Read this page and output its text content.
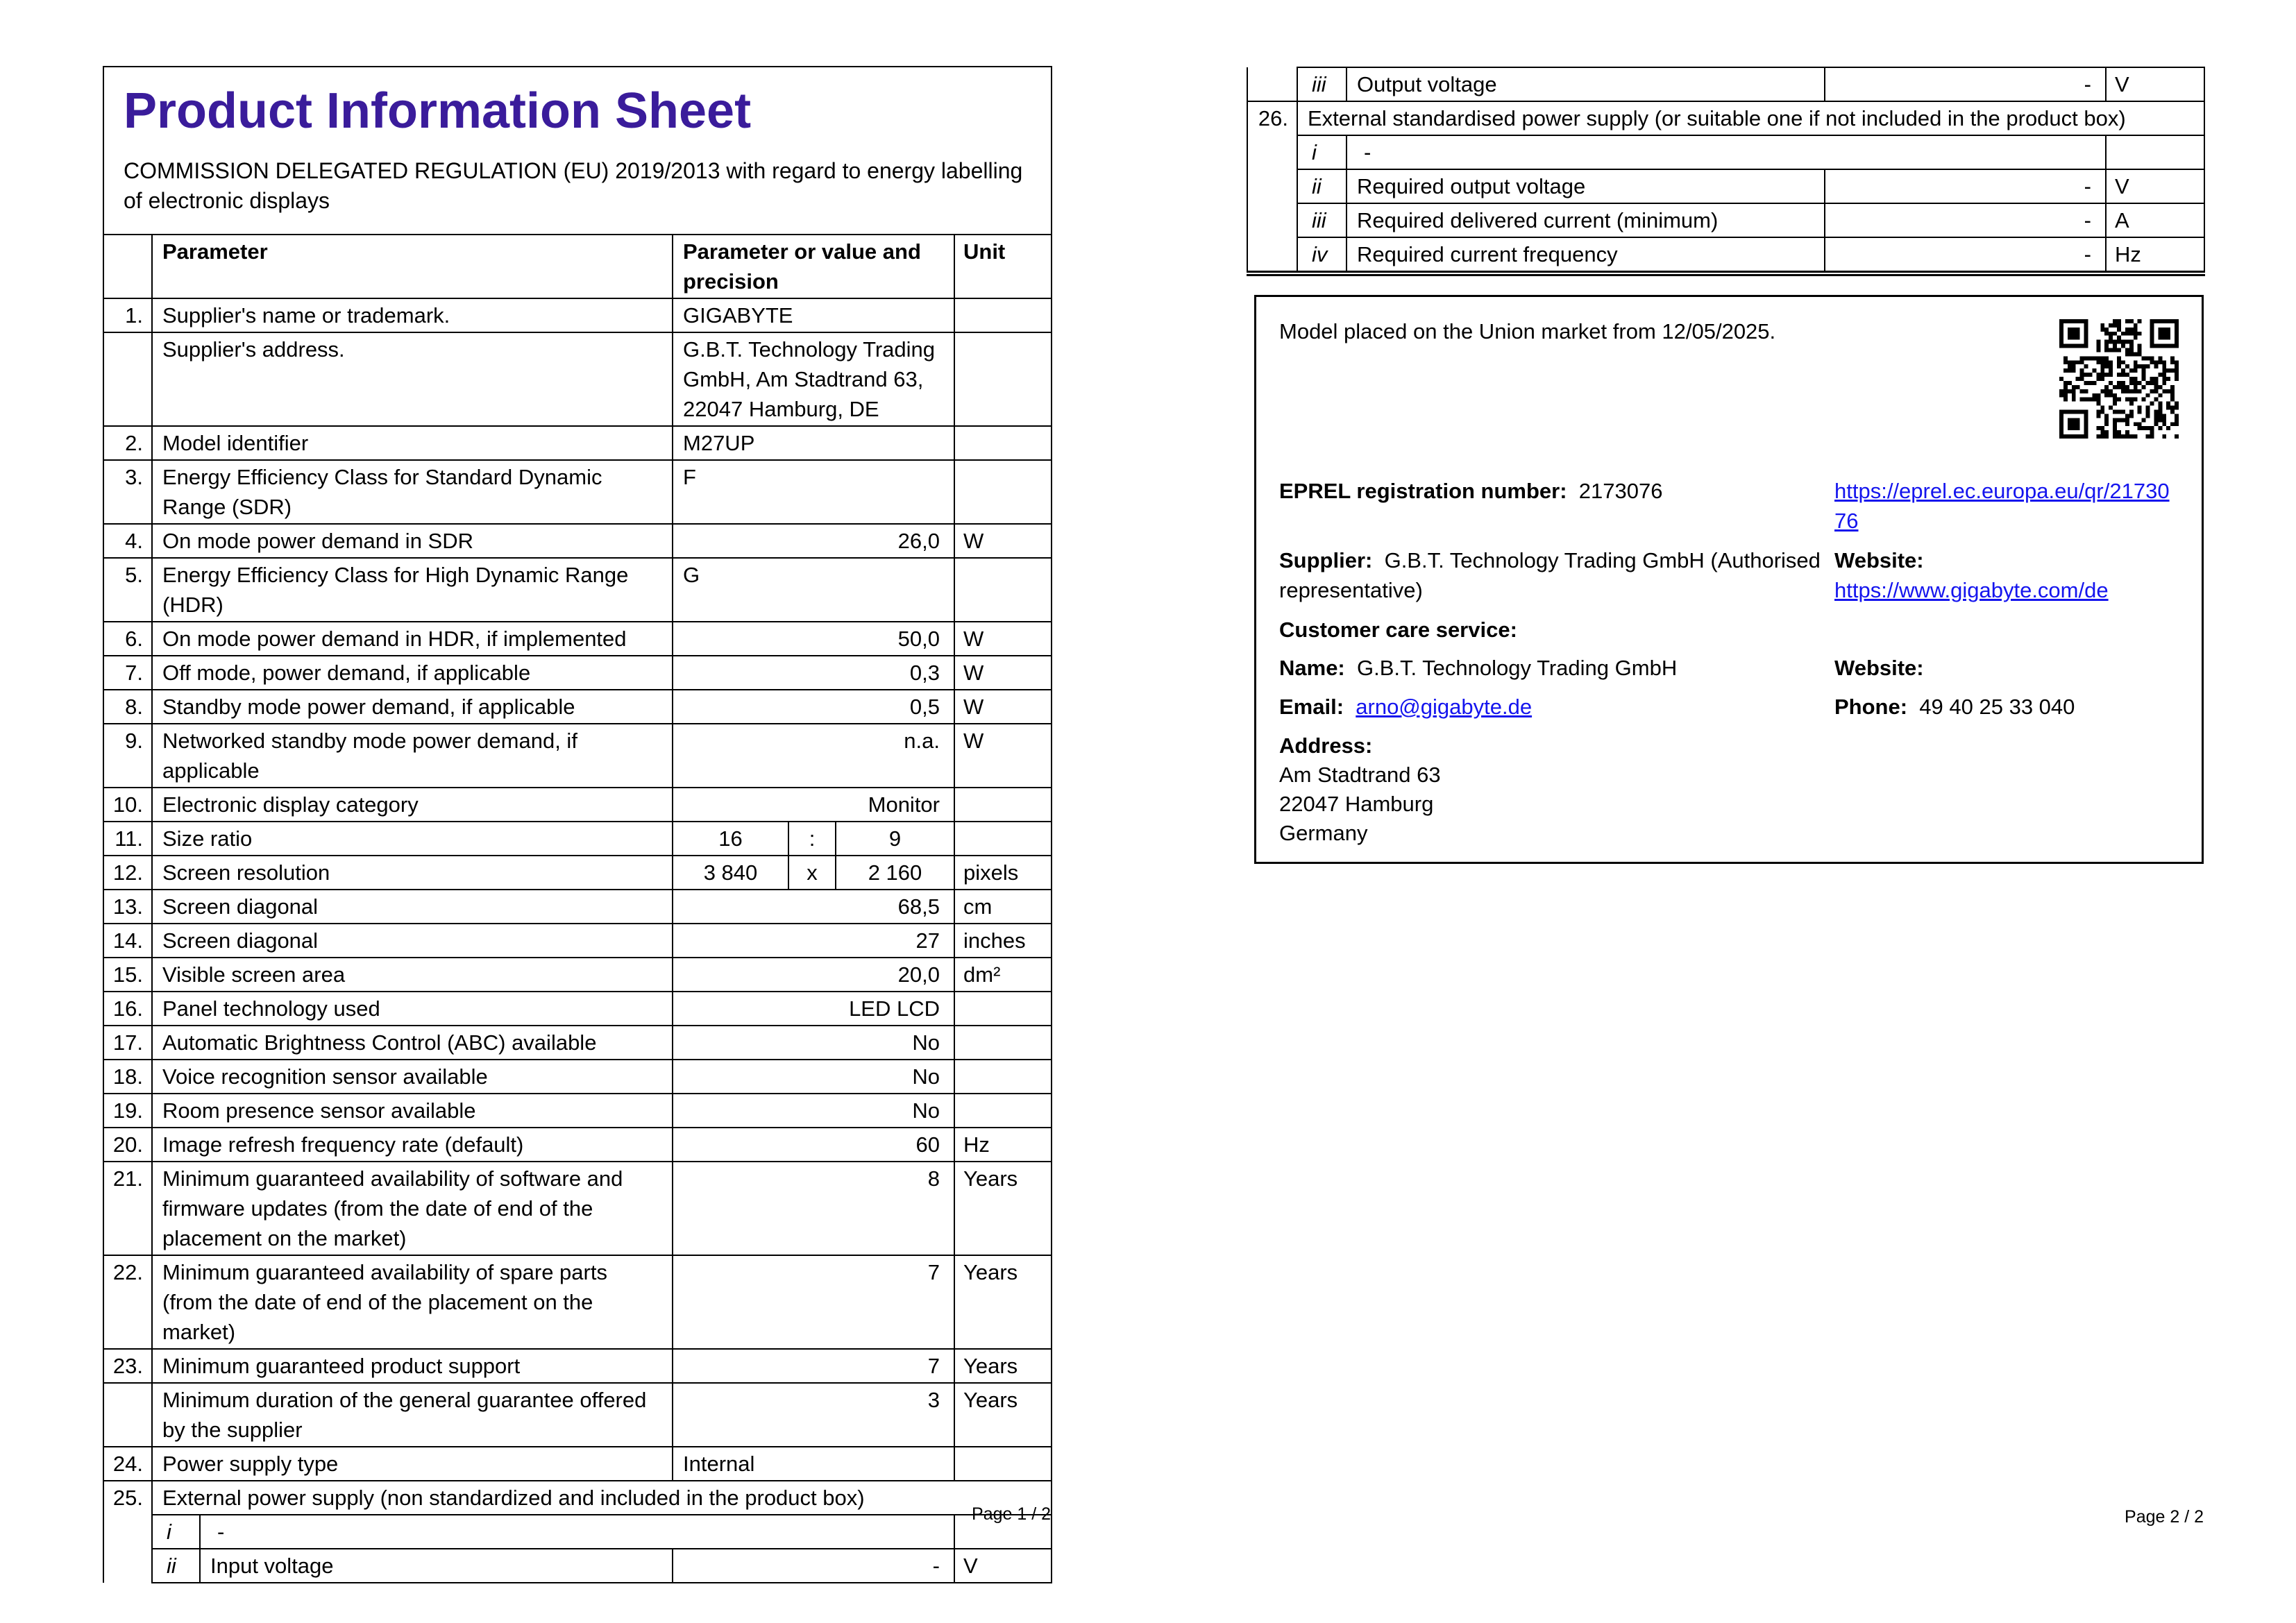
Product Information Sheet

COMMISSION DELEGATED REGULATION (EU) 2019/2013 with regard to energy labelling of electronic displays

	Parameter		Parameter or value and precision			Unit
1.	Supplier's name or trademark.		GIGABYTE			
	Supplier's address.		G.B.T. Technology Trading GmbH, Am Stadtrand 63, 22047 Hamburg, DE			
2.	Model identifier		M27UP			
3.	Energy Efficiency Class for Standard Dynamic Range (SDR)		F			
4.	On mode power demand in SDR		26,0			W
5.	Energy Efficiency Class for High Dynamic Range (HDR)		G			
6.	On mode power demand in HDR, if implemented		50,0			W
7.	Off mode, power demand, if applicable		0,3			W
8.	Standby mode power demand, if applicable		0,5			W
9.	Networked standby mode power demand, if applicable		n.a.			W
10.	Electronic display category		Monitor			
11.	Size ratio		16	:	9	
12.	Screen resolution		3 840	x	2 160	pixels
13.	Screen diagonal		68,5			cm
14.	Screen diagonal		27			inches
15.	Visible screen area		20,0			dm²
16.	Panel technology used		LED LCD			
17.	Automatic Brightness Control (ABC) available		No			
18.	Voice recognition sensor available		No			
19.	Room presence sensor available		No			
20.	Image refresh frequency rate (default)		60			Hz
21.	Minimum guaranteed availability of software and firmware updates (from the date of end of the placement on the market)		8			Years
22.	Minimum guaranteed availability of spare parts (from the date of end of the placement on the market)		7			Years
23.	Minimum guaranteed product support		7			Years
	Minimum duration of the general guarantee offered by the supplier		3			Years
24.	Power supply type		Internal			
25.	External power supply (non standardized and included in the product box)					
	i	-				
	ii	Input voltage	-			V
Page 1 / 2
	iii	Output voltage	-	V
26.	External standardised power supply (or suitable one if not included in the product box)			
	i	-		
	ii	Required output voltage	-	V
	iii	Required delivered current (minimum)	-	A
	iv	Required current frequency	-	Hz

Model placed on the Union market from 12/05/2025.

EPREL registration number: 2173076	https://eprel.ec.europa.eu/qr/2173076
Supplier: G.B.T. Technology Trading GmbH (Authorised representative)
Website:  https://www.gigabyte.com/de
Customer care service:
Name: G.B.T. Technology Trading GmbH	Website:
Email: arno@gigabyte.de	Phone: 49 40 25 33 040
Address:
Am Stadtrand 63
22047 Hamburg
Germany
Page 2 / 2
